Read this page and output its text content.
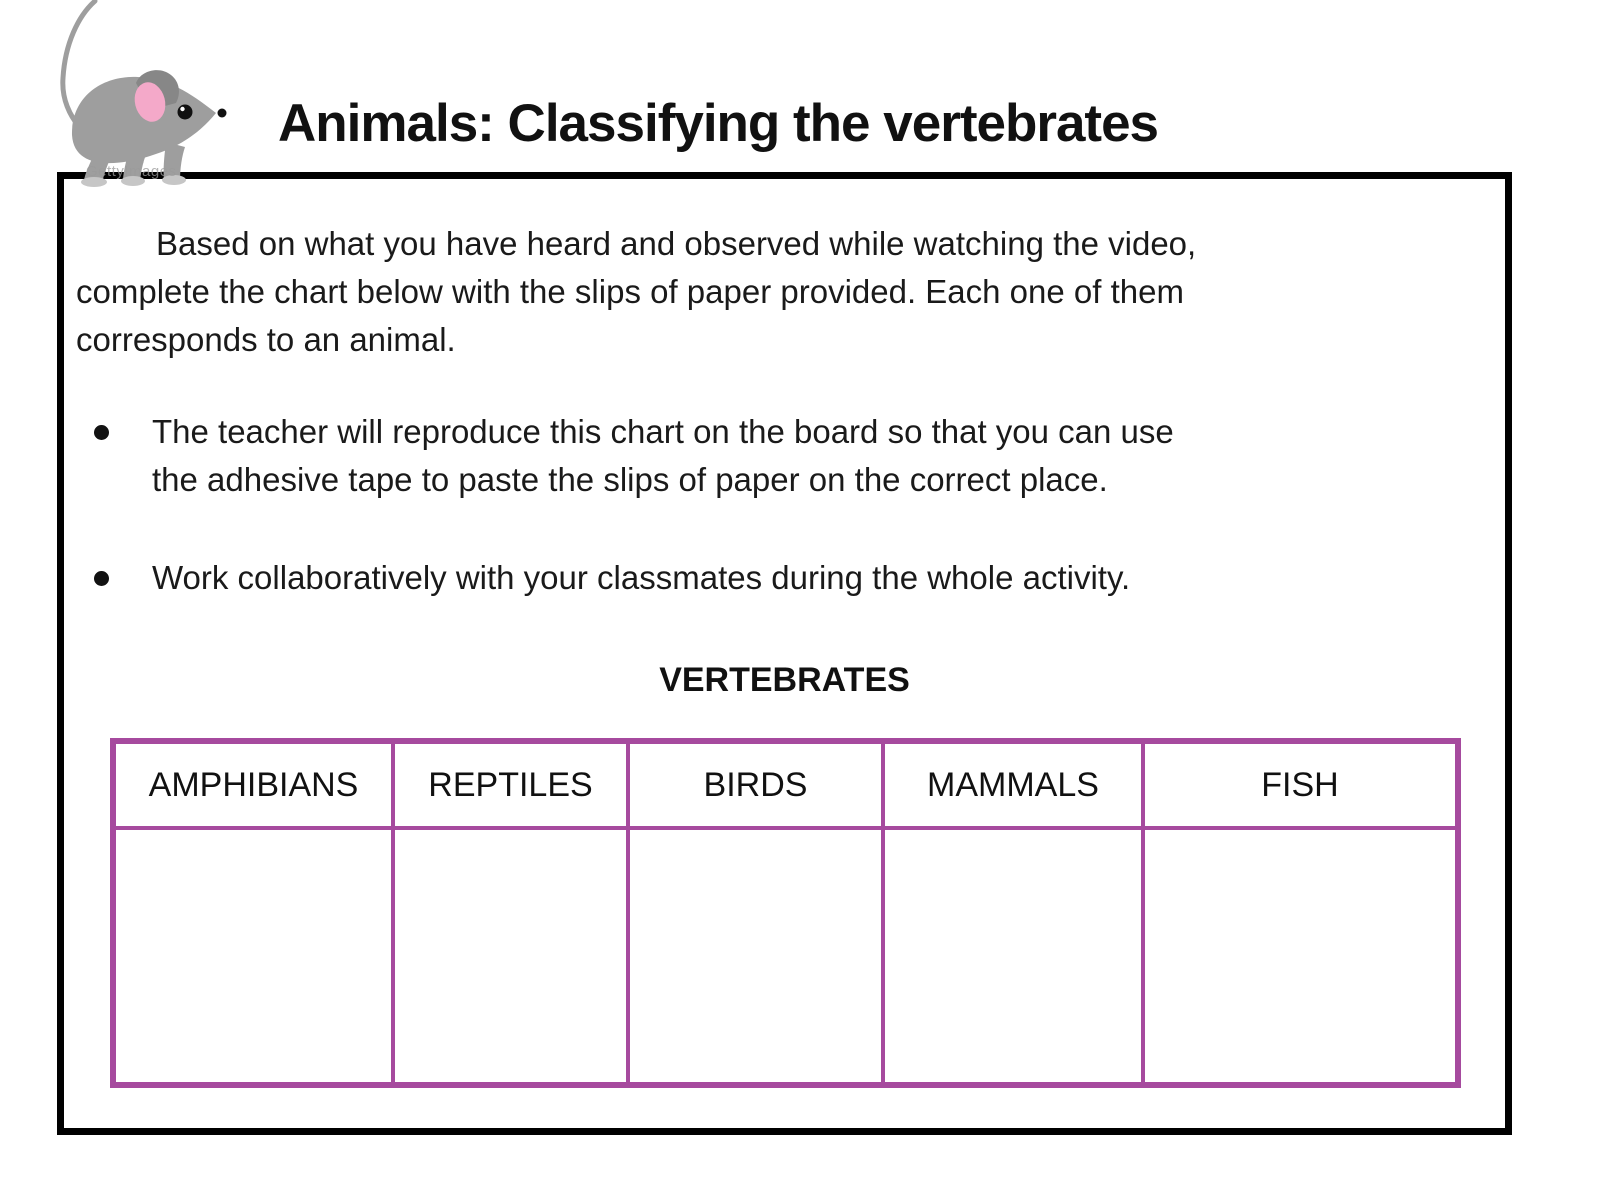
GettyImages
Animals: Classifying the vertebrates

Based on what you have heard and observed while watching the video,
complete the chart below with the slips of paper provided. Each one of them
corresponds to an animal.

The teacher will reproduce this chart on the board so that you can use
the adhesive tape to paste the slips of paper on the correct place.
Work collaboratively with your classmates during the whole activity.
VERTEBRATES
AMPHIBIANS	REPTILES	BIRDS	MAMMALS	FISH
